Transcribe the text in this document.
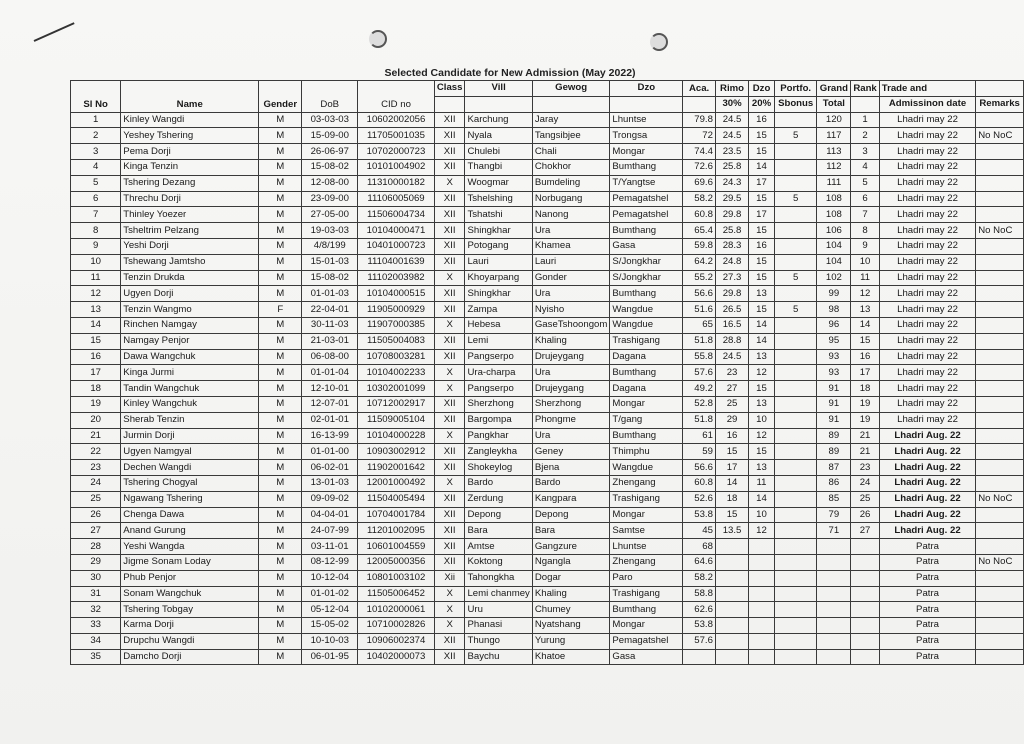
Selected Candidate for New Admission (May 2022)
Sl No	Name	Gender	DoB	CID no	Class	Vill	Gewog	Dzo	Aca.	Rimo	Dzo	Portfo.	Grand	Rank	Trade and	
										30%	20%	Sbonus	Total		Admissinon date	Remarks
1	Kinley Wangdi	M	03-03-03	10602002056	XII	Karchung	Jaray	Lhuntse	79.8	24.5	16		120	1	Lhadri may 22	
2	Yeshey Tshering	M	15-09-00	11705001035	XII	Nyala	Tangsibjee	Trongsa	72	24.5	15	5	117	2	Lhadri may 22	No NoC
3	Pema Dorji	M	26-06-97	10702000723	XII	Chulebi	Chali	Mongar	74.4	23.5	15		113	3	Lhadri may 22	
4	Kinga Tenzin	M	15-08-02	10101004902	XII	Thangbi	Chokhor	Bumthang	72.6	25.8	14		112	4	Lhadri may 22	
5	Tshering Dezang	M	12-08-00	11310000182	X	Woogmar	Bumdeling	T/Yangtse	69.6	24.3	17		111	5	Lhadri may 22	
6	Threchu Dorji	M	23-09-00	11106005069	XII	Tshelshing	Norbugang	Pemagatshel	58.2	29.5	15	5	108	6	Lhadri may 22	
7	Thinley Yoezer	M	27-05-00	11506004734	XII	Tshatshi	Nanong	Pemagatshel	60.8	29.8	17		108	7	Lhadri may 22	
8	Tsheltrim Pelzang	M	19-03-03	10104000471	XII	Shingkhar	Ura	Bumthang	65.4	25.8	15		106	8	Lhadri may 22	No NoC
9	Yeshi Dorji	M	4/8/199	10401000723	XII	Potogang	Khamea	Gasa	59.8	28.3	16		104	9	Lhadri may 22	
10	Tshewang Jamtsho	M	15-01-03	11104001639	XII	Lauri	Lauri	S/Jongkhar	64.2	24.8	15		104	10	Lhadri may 22	
11	Tenzin Drukda	M	15-08-02	11102003982	X	Khoyarpang	Gonder	S/Jongkhar	55.2	27.3	15	5	102	11	Lhadri may 22	
12	Ugyen Dorji	M	01-01-03	10104000515	XII	Shingkhar	Ura	Bumthang	56.6	29.8	13		99	12	Lhadri may 22	
13	Tenzin Wangmo	F	22-04-01	11905000929	XII	Zampa	Nyisho	Wangdue	51.6	26.5	15	5	98	13	Lhadri may 22	
14	Rinchen Namgay	M	30-11-03	11907000385	X	Hebesa	GaseTshoongom	Wangdue	65	16.5	14		96	14	Lhadri may 22	
15	Namgay Penjor	M	21-03-01	11505004083	XII	Lemi	Khaling	Trashigang	51.8	28.8	14		95	15	Lhadri may 22	
16	Dawa Wangchuk	M	06-08-00	10708003281	XII	Pangserpo	Drujeygang	Dagana	55.8	24.5	13		93	16	Lhadri may 22	
17	Kinga Jurmi	M	01-01-04	10104002233	X	Ura-charpa	Ura	Bumthang	57.6	23	12		93	17	Lhadri may 22	
18	Tandin Wangchuk	M	12-10-01	10302001099	X	Pangserpo	Drujeygang	Dagana	49.2	27	15		91	18	Lhadri may 22	
19	Kinley Wangchuk	M	12-07-01	10712002917	XII	Sherzhong	Sherzhong	Mongar	52.8	25	13		91	19	Lhadri may 22	
20	Sherab Tenzin	M	02-01-01	11509005104	XII	Bargompa	Phongme	T/gang	51.8	29	10		91	19	Lhadri may 22	
21	Jurmin Dorji	M	16-13-99	10104000228	X	Pangkhar	Ura	Bumthang	61	16	12		89	21	Lhadri Aug. 22	
22	Ugyen Namgyal	M	01-01-00	10903002912	XII	Zangleykha	Geney	Thimphu	59	15	15		89	21	Lhadri Aug. 22	
23	Dechen Wangdi	M	06-02-01	11902001642	XII	Shokeylog	Bjena	Wangdue	56.6	17	13		87	23	Lhadri Aug. 22	
24	Tshering Chogyal	M	13-01-03	12001000492	X	Bardo	Bardo	Zhengang	60.8	14	11		86	24	Lhadri Aug. 22	
25	Ngawang Tshering	M	09-09-02	11504005494	XII	Zerdung	Kangpara	Trashigang	52.6	18	14		85	25	Lhadri Aug. 22	No NoC
26	Chenga Dawa	M	04-04-01	10704001784	XII	Depong	Depong	Mongar	53.8	15	10		79	26	Lhadri Aug. 22	
27	Anand Gurung	M	24-07-99	11201002095	XII	Bara	Bara	Samtse	45	13.5	12		71	27	Lhadri Aug. 22	
28	Yeshi Wangda	M	03-11-01	10601004559	XII	Amtse	Gangzure	Lhuntse	68						Patra	
29	Jigme Sonam Loday	M	08-12-99	12005000356	XII	Koktong	Ngangla	Zhengang	64.6						Patra	No NoC
30	Phub Penjor	M	10-12-04	10801003102	Xii	Tahongkha	Dogar	Paro	58.2						Patra	
31	Sonam Wangchuk	M	01-01-02	11505006452	X	Lemi chanmey	Khaling	Trashigang	58.8						Patra	
32	Tshering Tobgay	M	05-12-04	10102000061	X	Uru	Chumey	Bumthang	62.6						Patra	
33	Karma Dorji	M	15-05-02	10710002826	X	Phanasi	Nyatshang	Mongar	53.8						Patra	
34	Drupchu Wangdi	M	10-10-03	10906002374	XII	Thungo	Yurung	Pemagatshel	57.6						Patra	
35	Damcho Dorji	M	06-01-95	10402000073	XII	Baychu	Khatoe	Gasa							Patra	
